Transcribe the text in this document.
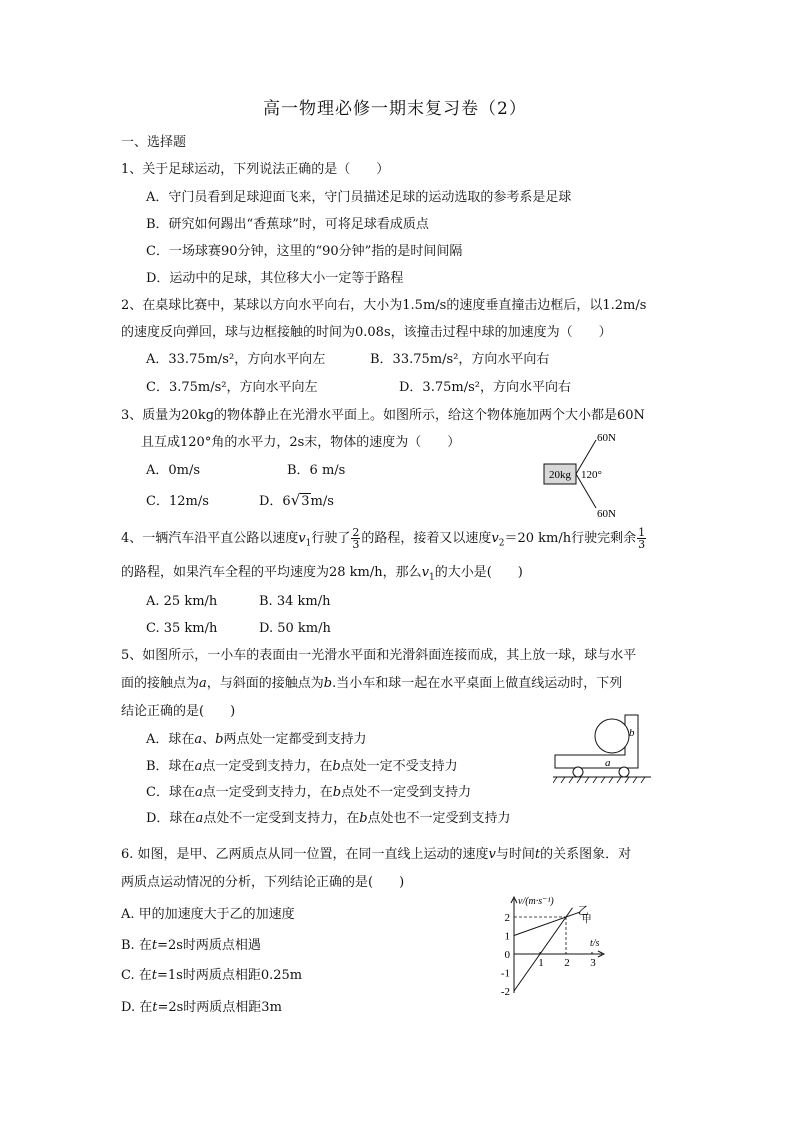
高一物理必修一期末复习卷（2）
一、选择题
1、关于足球运动，下列说法正确的是（　　）
A．守门员看到足球迎面飞来，守门员描述足球的运动选取的参考系是足球
B．研究如何踢出“香蕉球”时，可将足球看成质点
C．一场球赛90分钟，这里的“90分钟”指的是时间间隔
D．运动中的足球，其位移大小一定等于路程
2、在桌球比赛中，某球以方向水平向右，大小为1.5m/s的速度垂直撞击边框后，以1.2m/s
的速度反向弹回，球与边框接触的时间为0.08s，该撞击过程中球的加速度为（　　）
A．33.75m/s²，方向水平向左	B．33.75m/s²，方向水平向右
C．3.75m/s²，方向水平向左	D．3.75m/s²，方向水平向右
3、质量为20kg的物体静止在光滑水平面上。如图所示，给这个物体施加两个大小都是60N
且互成120°角的水平力，2s末，物体的速度为（　　）
A．0m/s	B．6 m/s
C．12m/s	D．6√3m/s
20kg
60N
60N
120°
4、一辆汽车沿平直公路以速度$v_1$行驶了 $\frac{2}{3}$ 的路程，接着又以速度$v_2=20$ km/h行驶完剩余 $\frac{1}{3}$
的路程，如果汽车全程的平均速度为28 km/h，那么$v_1$的大小是(　　)
A. 25 km/h	B. 34 km/h
C. 35 km/h	D. 50 km/h
5、如图所示，一小车的表面由一光滑水平面和光滑斜面连接而成，其上放一球，球与水平
面的接触点为a，与斜面的接触点为b.当小车和球一起在水平桌面上做直线运动时，下列
结论正确的是(　　)
A．球在a、b两点处一定都受到支持力
B．球在a点一定受到支持力，在b点处一定不受支持力
C．球在a点一定受到支持力，在b点处不一定受到支持力
D．球在a点处不一定受到支持力，在b点处也不一定受到支持力
a
b
6. 如图，是甲、乙两质点从同一位置，在同一直线上运动的速度v与时间t的关系图象．对
两质点运动情况的分析，下列结论正确的是(　　)
A. 甲的加速度大于乙的加速度
B. 在t=2s时两质点相遇
C. 在t=1s时两质点相距0.25m
D. 在t=2s时两质点相距3m
2
1
0
-1
-2
1 2 3
v/(m·s⁻¹)
t/s
乙
甲
